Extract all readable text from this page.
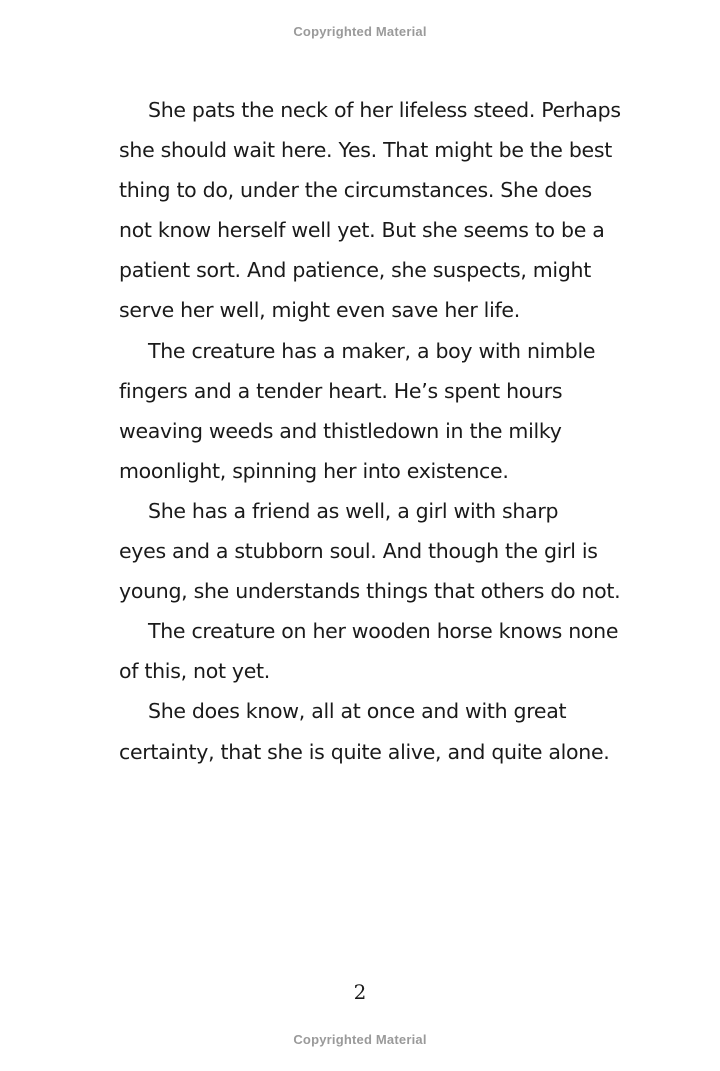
Copyrighted Material
She pats the neck of her lifeless steed. Perhaps
she should wait here. Yes. That might be the best
thing to do, under the circumstances. She does
not know herself well yet. But she seems to be a
patient sort. And patience, she suspects, might
serve her well, might even save her life.
The creature has a maker, a boy with nimble
fingers and a tender heart. He’s spent hours
weaving weeds and thistledown in the milky
moonlight, spinning her into existence.
She has a friend as well, a girl with sharp
eyes and a stubborn soul. And though the girl is
young, she understands things that others do not.
The creature on her wooden horse knows none
of this, not yet.
She does know, all at once and with great
certainty, that she is quite alive, and quite alone.
2
Copyrighted Material
